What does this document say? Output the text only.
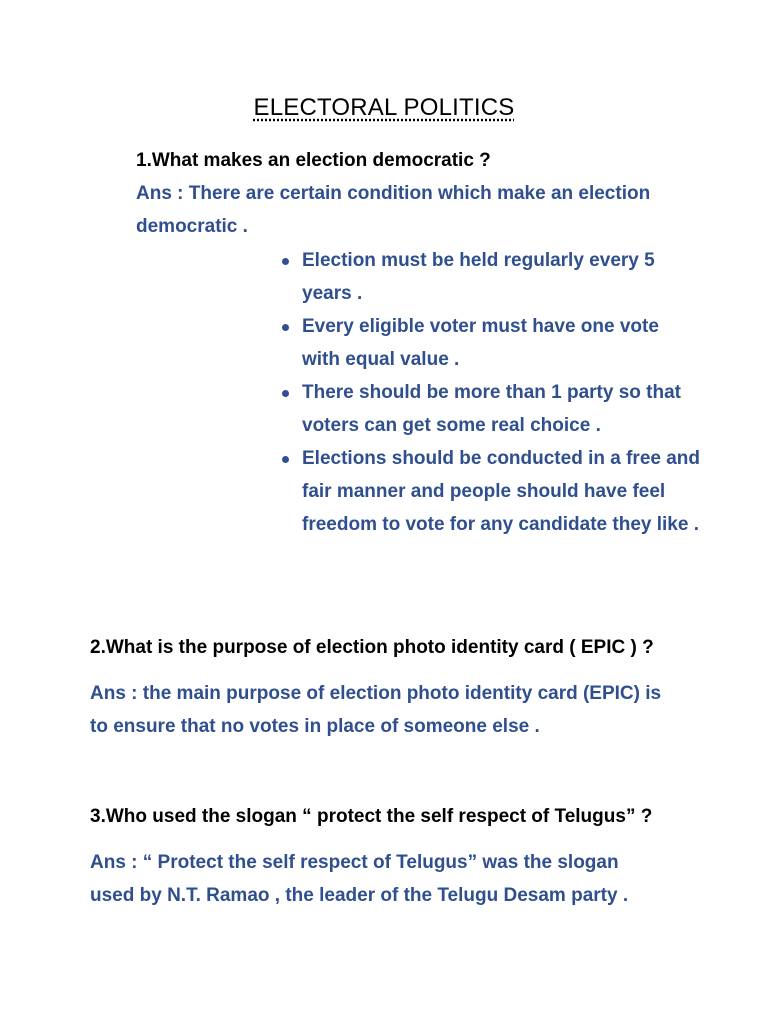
ELECTORAL POLITICS
1.What makes an election democratic ?
Ans : There are certain condition which make an election
democratic .
Election must be held regularly every 5 years .
Every eligible voter must have one vote with equal value .
There should be more than 1 party so that voters can get some real choice .
Elections should be conducted in a free and fair manner and people should have feel freedom to vote for any candidate they like .
2.What is the purpose of election photo identity card ( EPIC ) ?
Ans : the main purpose of election photo identity card (EPIC) is
to ensure that no votes in place of someone else .
3.Who used the slogan “ protect the self respect of Telugus” ?
Ans : “ Protect the self respect of Telugus” was the slogan
used by N.T. Ramao , the leader of the Telugu Desam party .
